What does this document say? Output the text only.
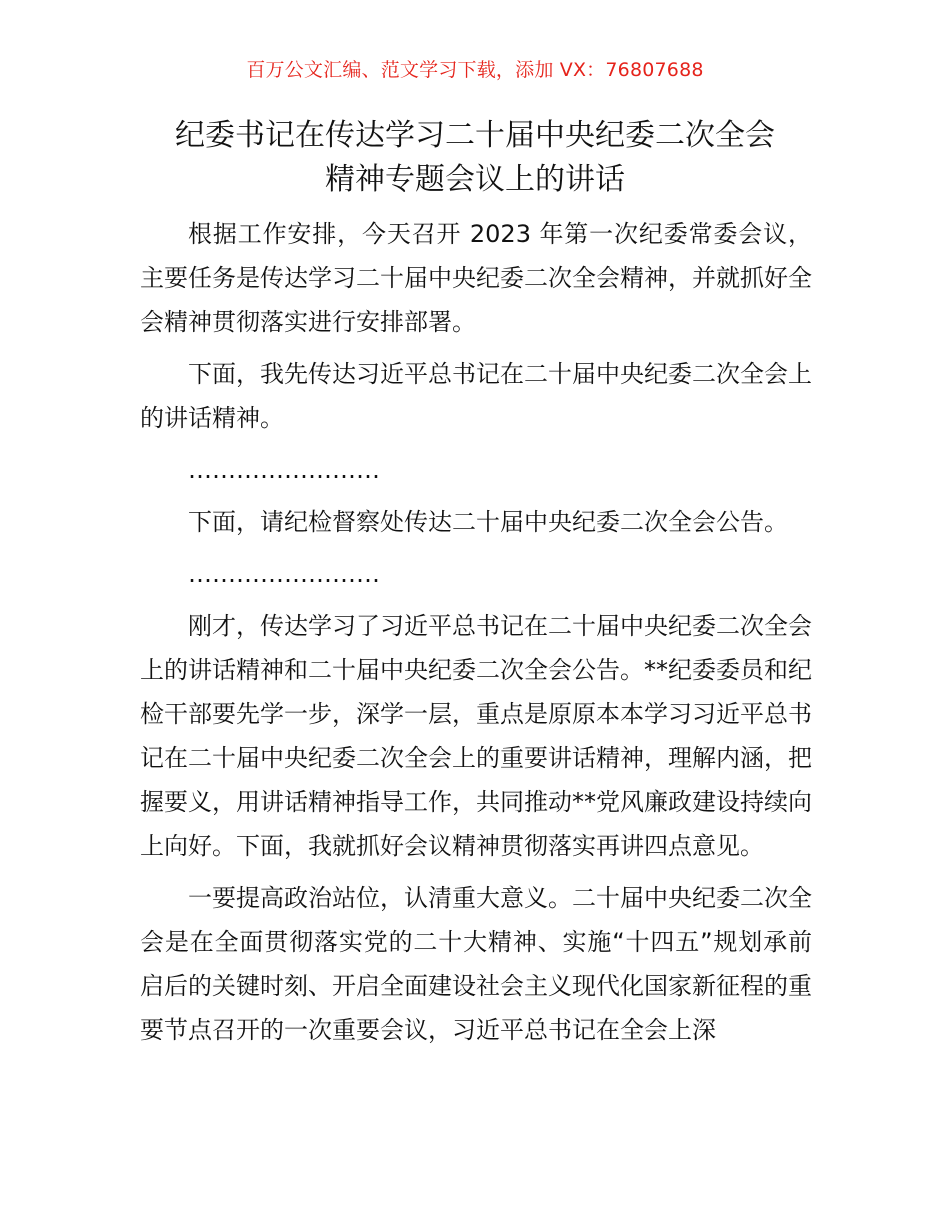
百万公文汇编、范文学习下载，添加 VX：76807688
纪委书记在传达学习二十届中央纪委二次全会
精神专题会议上的讲话

根据工作安排，今天召开 2023 年第一次纪委常委会议，主要任务是传达学习二十届中央纪委二次全会精神，并就抓好全会精神贯彻落实进行安排部署。

下面，我先传达习近平总书记在二十届中央纪委二次全会上的讲话精神。

……………………

下面，请纪检督察处传达二十届中央纪委二次全会公告。

……………………

刚才，传达学习了习近平总书记在二十届中央纪委二次全会上的讲话精神和二十届中央纪委二次全会公告。**纪委委员和纪检干部要先学一步，深学一层，重点是原原本本学习习近平总书记在二十届中央纪委二次全会上的重要讲话精神，理解内涵，把握要义，用讲话精神指导工作，共同推动**党风廉政建设持续向上向好。下面，我就抓好会议精神贯彻落实再讲四点意见。

一要提高政治站位，认清重大意义。二十届中央纪委二次全会是在全面贯彻落实党的二十大精神、实施“十四五”规划承前启后的关键时刻、开启全面建设社会主义现代化国家新征程的重要节点召开的一次重要会议，习近平总书记在全会上深
